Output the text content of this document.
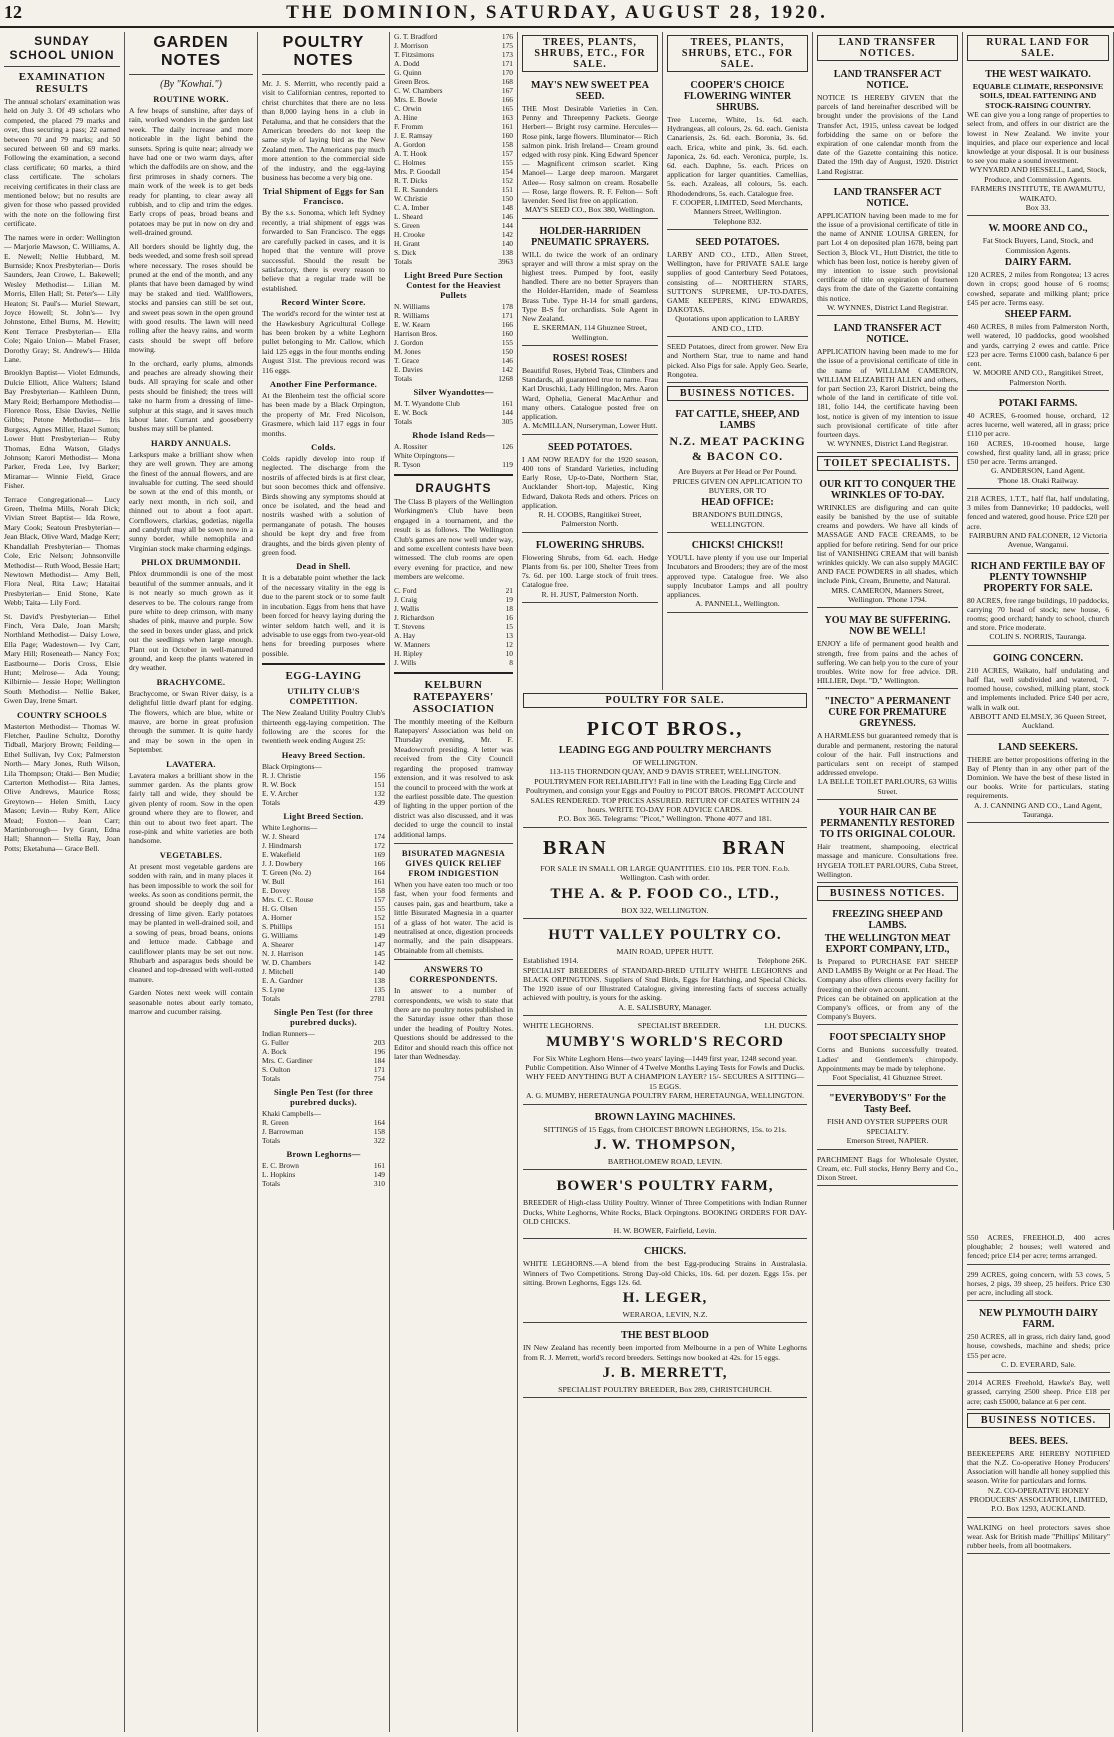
12	THE DOMINION, SATURDAY, AUGUST 28, 1920.
SUNDAY SCHOOL UNION
EXAMINATION RESULTS

The annual scholars' examination was held on July 3. Of 49 scholars who competed, the placed 79 marks and over, thus securing a pass; 22 earned between 70 and 79 marks; and 50 secured between 60 and 69 marks. Following the examination, a second class certificate; 60 marks, a third class certificate. The scholars receiving certificates in their class are mentioned below; but no results are given for those who passed provided with the note on the following first certificate.

The names were in order: Wellington— Marjorie Mawson, C. Williams, A. E. Newell; Nellie Hubbard, M. Burnside; Knox Presbyterian— Doris Saunders, Jean Crowe, L. Bakewell; Wesley Methodist— Lilian M. Morris, Ellen Hall; St. Peter's— Lily Heaton; St. Paul's— Muriel Stewart, Joyce Howell; St. John's— Ivy Johnstone, Ethel Burns, M. Hewitt; Kent Terrace Presbyterian— Ella Cole; Ngaio Union— Mabel Fraser, Dorothy Gray; St. Andrew's— Hilda Lane.

Brooklyn Baptist— Violet Edmunds, Dulcie Elliott, Alice Walters; Island Bay Presbyterian— Kathleen Dunn, Mary Reid; Berhampore Methodist— Florence Ross, Elsie Davies, Nellie Gibbs; Petone Methodist— Iris Burgess, Agnes Miller, Hazel Sutton; Lower Hutt Presbyterian— Ruby Thomas, Edna Watson, Gladys Johnson; Karori Methodist— Mona Parker, Freda Lee, Ivy Barker; Miramar— Winnie Field, Grace Fisher.

Terrace Congregational— Lucy Green, Thelma Mills, Norah Dick; Vivian Street Baptist— Ida Rowe, Mary Cook; Seatoun Presbyterian— Jean Black, Olive Ward, Madge Kerr; Khandallah Presbyterian— Thomas Cole, Eric Nelson; Johnsonville Methodist— Ruth Wood, Bessie Hart; Newtown Methodist— Amy Bell, Flora Neal, Rita Law; Hataitai Presbyterian— Enid Stone, Kate Webb; Taita— Lily Ford.

St. David's Presbyterian— Ethel Finch, Vera Dale, Joan Marsh; Northland Methodist— Daisy Lowe, Ella Page; Wadestown— Ivy Carr, Mary Hill; Roseneath— Nancy Fox; Eastbourne— Doris Cross, Elsie Hunt; Melrose— Ada Young; Kilbirnie— Jessie Hope; Wellington South Methodist— Nellie Baker, Gwen Day, Irene Smart.

COUNTRY SCHOOLS

Masterton Methodist— Thomas W. Fletcher, Pauline Schultz, Dorothy Tidball, Marjory Brown; Feilding— Ethel Sullivan, Ivy Cox; Palmerston North— Mary Jones, Ruth Wilson, Lila Thompson; Otaki— Ben Mudie; Carterton Methodist— Rita James, Olive Andrews, Maurice Ross; Greytown— Helen Smith, Lucy Mason; Levin— Ruby Kerr, Alice Mead; Foxton— Jean Carr; Martinborough— Ivy Grant, Edna Hall; Shannon— Stella Ray, Joan Potts; Eketahuna— Grace Bell.

GARDEN NOTES
(By "Kowhai.")
ROUTINE WORK.

A few heaps of sunshine, after days of rain, worked wonders in the garden last week. The daily increase and more noticeable in the light behind the sunsets. Spring is quite near; already we have had one or two warm days, after which the daffodils are on show, and the first primroses in shady corners. The main work of the week is to get beds ready for planting, to clear away all rubbish, and to clip and trim the edges. Early crops of peas, broad beans and potatoes may be put in now on dry and well-drained ground.

All borders should be lightly dug, the beds weeded, and some fresh soil spread where necessary. The roses should be pruned at the end of the month, and any plants that have been damaged by wind may be staked and tied. Wallflowers, stocks and pansies can still be set out, and sweet peas sown in the open ground with good results. The lawn will need rolling after the heavy rains, and worm casts should be swept off before mowing.

In the orchard, early plums, almonds and peaches are already showing their buds. All spraying for scale and other pests should be finished; the trees will take no harm from a dressing of lime-sulphur at this stage, and it saves much labour later. Currant and gooseberry bushes may still be planted.

HARDY ANNUALS.

Larkspurs make a brilliant show when they are well grown. They are among the finest of the annual flowers, and are invaluable for cutting. The seed should be sown at the end of this month, or early next month, in rich soil, and thinned out to about a foot apart. Cornflowers, clarkias, godetias, nigella and candytuft may all be sown now in a sunny border, while nemophila and Virginian stock make charming edgings.

PHLOX DRUMMONDII.

Phlox drummondii is one of the most beautiful of the summer annuals, and it is not nearly so much grown as it deserves to be. The colours range from pure white to deep crimson, with many shades of pink, mauve and purple. Sow the seed in boxes under glass, and prick out the seedlings when large enough. Plant out in October in well-manured ground, and keep the plants watered in dry weather.

BRACHYCOME.

Brachycome, or Swan River daisy, is a delightful little dwarf plant for edging. The flowers, which are blue, white or mauve, are borne in great profusion through the summer. It is quite hardy and may be sown in the open in September.

LAVATERA.

Lavatera makes a brilliant show in the summer garden. As the plants grow fairly tall and wide, they should be given plenty of room. Sow in the open ground where they are to flower, and thin out to about two feet apart. The rose-pink and white varieties are both handsome.

VEGETABLES.

At present most vegetable gardens are sodden with rain, and in many places it has been impossible to work the soil for weeks. As soon as conditions permit, the ground should be deeply dug and a dressing of lime given. Early potatoes may be planted in well-drained soil, and a sowing of peas, broad beans, onions and lettuce made. Cabbage and cauliflower plants may be set out now. Rhubarb and asparagus beds should be cleaned and top-dressed with well-rotted manure.

Garden Notes next week will contain seasonable notes about early tomato, marrow and cucumber raising.

POULTRY NOTES

Mr. J. S. Merritt, who recently paid a visit to Californian centres, reported to christ churchites that there are no less than 8,000 laying hens in a club in Petaluma, and that he considers that the American breeders do not keep the same style of laying bird as the New Zealand men. The Americans pay much more attention to the commercial side of the industry, and the egg-laying business has become a very big one.

Trial Shipment of Eggs for San Francisco.

By the s.s. Sonoma, which left Sydney recently, a trial shipment of eggs was forwarded to San Francisco. The eggs are carefully packed in cases, and it is hoped that the venture will prove successful. Should the result be satisfactory, there is every reason to believe that a regular trade will be established.

Record Winter Score.

The world's record for the winter test at the Hawkesbury Agricultural College has been broken by a white Leghorn pullet belonging to Mr. Callow, which laid 125 eggs in the four months ending August 31st. The previous record was 116 eggs.

Another Fine Performance.

At the Blenheim test the official score has been made by a Black Orpington, the property of Mr. Fred Nicolson, Grasmere, which laid 117 eggs in four months.

Colds.

Colds rapidly develop into roup if neglected. The discharge from the nostrils of affected birds is at first clear, but soon becomes thick and offensive. Birds showing any symptoms should at once be isolated, and the head and nostrils washed with a solution of permanganate of potash. The houses should be kept dry and free from draughts, and the birds given plenty of green food.

Dead in Shell.

It is a debatable point whether the lack of the necessary vitality in the egg is due to the parent stock or to some fault in incubation. Eggs from hens that have been forced for heavy laying during the winter seldom hatch well, and it is advisable to use eggs from two-year-old hens for breeding purposes where possible.

EGG-LAYING
UTILITY CLUB'S COMPETITION.

The New Zealand Utility Poultry Club's thirteenth egg-laying competition. The following are the scores for the twentieth week ending August 25:

Heavy Breed Section.
Black Orpingtons—
R. J. Christie	156
R. W. Bock	151
E. V. Archer	132
Totals	439
Light Breed Section.
White Leghorns—
W. J. Sheard	174
J. Hindmarsh	172
E. Wakefield	169
J. J. Dowbery	166
T. Green (No. 2)	164
W. Bull	161
E. Dovey	158
Mrs. C. C. Rouse	157
H. G. Olsen	155
A. Horner	152
S. Phillips	151
G. Williams	149
A. Shearer	147
N. J. Harrison	145
W. D. Chambers	142
J. Mitchell	140
E. A. Gardner	138
S. Lyne	135
Totals	2781
Single Pen Test (for three purebred ducks).
Indian Runners—
G. Fuller	203
A. Bock	196
Mrs. C. Gardiner	184
S. Oulton	171
Totals	754
Single Pen Test (for three purebred ducks).
Khaki Campbells—
R. Green	164
J. Barrowman	158
Totals	322
Brown Leghorns—
E. C. Brown	161
L. Hopkins	149
Totals	310
G. T. Bradford	176
J. Morrison	175
T. Fitzsimons	173
A. Dodd	171
G. Quinn	170
Green Bros.	168
C. W. Chambers	167
Mrs. E. Bowie	166
C. Orwin	165
A. Hine	163
F. Fromm	161
J. E. Ramsay	160
A. Gordon	158
A. T. Hook	157
C. Holmes	155
Mrs. P. Goodall	154
R. T. Dicks	152
E. R. Saunders	151
W. Christie	150
C. A. Imber	148
L. Sheard	146
S. Green	144
H. Crooke	142
H. Grant	140
S. Dick	138
Totals	3963
Light Breed Pure Section Contest for the Heaviest Pullets
N. Williams	178
R. Williams	171
E. W. Kearn	166
Harrison Bros.	160
J. Gordon	155
M. Jones	150
T. Grace	146
E. Davies	142
Totals	1268
Silver Wyandottes—
M. T. Wyandotte Club	161
E. W. Bock	144
Totals	305
Rhode Island Reds—
A. Rossiter	126
White Orpingtons—
R. Tyson	119
DRAUGHTS

The Class B players of the Wellington Workingmen's Club have been engaged in a tournament, and the result is as follows. The Wellington Club's games are now well under way, and some excellent contests have been witnessed. The club rooms are open every evening for practice, and new members are welcome.

C. Ford	21
J. Craig	19
J. Wallis	18
J. Richardson	16
T. Stevens	15
A. Hay	13
W. Manners	12
H. Ripley	10
J. Wills	8
KELBURN RATEPAYERS' ASSOCIATION

The monthly meeting of the Kelburn Ratepayers' Association was held on Thursday evening, Mr. F. Meadowcroft presiding. A letter was received from the City Council regarding the proposed tramway extension, and it was resolved to ask the council to proceed with the work at the earliest possible date. The question of lighting in the upper portion of the district was also discussed, and it was decided to urge the council to instal additional lamps.

BISURATED MAGNESIA GIVES QUICK RELIEF FROM INDIGESTION

When you have eaten too much or too fast, when your food ferments and causes pain, gas and heartburn, take a little Bisurated Magnesia in a quarter of a glass of hot water. The acid is neutralised at once, digestion proceeds normally, and the pain disappears. Obtainable from all chemists.

ANSWERS TO CORRESPONDENTS.

In answer to a number of correspondents, we wish to state that there are no poultry notes published in the Saturday issue other than those under the heading of Poultry Notes. Questions should be addressed to the Editor and should reach this office not later than Wednesday.

TREES, PLANTS, SHRUBS, ETC., FOR SALE.
MAY'S NEW SWEET PEA SEED.
THE Most Desirable Varieties in Cen. Penny and Threepenny Packets. George Herbert— Bright rosy carmine. Hercules— Rose pink, large flowers. Illuminator— Rich salmon pink. Irish Ireland— Cream ground edged with rosy pink. King Edward Spencer— Magnificent crimson scarlet. King Manoel— Large deep maroon. Margaret Atlee— Rosy salmon on cream. Rosabelle— Rose, large flowers. R. F. Felton— Soft lavender. Seed list free on application.
MAY'S SEED CO., Box 380, Wellington.
HOLDER-HARRIDEN PNEUMATIC SPRAYERS.
WILL do twice the work of an ordinary sprayer and will throw a mist spray on the highest trees. Pumped by foot, easily handled. There are no better Sprayers than the Holder-Harriden, made of Seamless Brass Tube. Type H-14 for small gardens, Type B-S for orchardists. Sole Agent in New Zealand.
E. SKERMAN, 114 Ghuznee Street, Wellington.
ROSES! ROSES!
Beautiful Roses, Hybrid Teas, Climbers and Standards, all guaranteed true to name. Frau Karl Druschki, Lady Hillingdon, Mrs. Aaron Ward, Ophelia, General MacArthur and many others. Catalogue posted free on application.
A. McMILLAN, Nurseryman, Lower Hutt.
SEED POTATOES.
I AM NOW READY for the 1920 season, 400 tons of Standard Varieties, including Early Rose, Up-to-Date, Northern Star, Aucklander Short-top, Majestic, King Edward, Dakota Reds and others. Prices on application.
R. H. COOBS, Rangitikei Street, Palmerston North.
FLOWERING SHRUBS.
Flowering Shrubs, from 6d. each. Hedge Plants from 6s. per 100, Shelter Trees from 7s. 6d. per 100. Large stock of fruit trees. Catalogue free.
R. H. JUST, Palmerston North.
TREES, PLANTS, SHRUBS, ETC., FOR SALE.
COOPER'S CHOICE FLOWERING WINTER SHRUBS.
Tree Lucerne, White, 1s. 6d. each. Hydrangeas, all colours, 2s. 6d. each. Genista Canariensis, 2s. 6d. each. Boronia, 3s. 6d. each. Erica, white and pink, 3s. 6d. each. Japonica, 2s. 6d. each. Veronica, purple, 1s. 6d. each. Daphne, 5s. each. Prices on application for larger quantities. Camellias, 5s. each. Azaleas, all colours, 5s. each. Rhododendrons, 5s. each. Catalogue free.
F. COOPER, LIMITED, Seed Merchants, Manners Street, Wellington.
Telephone 832.
SEED POTATOES.
LARBY AND CO., LTD., Allen Street, Wellington, have for PRIVATE SALE large supplies of good Canterbury Seed Potatoes, consisting of— NORTHERN STARS, SUTTON'S SUPREME, UP-TO-DATES, GAME KEEPERS, KING EDWARDS, DAKOTAS.
Quotations upon application to LARBY AND CO., LTD.
SEED Potatoes, direct from grower. New Era and Northern Star, true to name and hand picked. Also Pigs for sale. Apply Geo. Searle, Rongotea.
BUSINESS NOTICES.
FAT CATTLE, SHEEP, AND LAMBS
N.Z. MEAT PACKING & BACON CO.
Are Buyers at Per Head or Per Pound.
PRICES GIVEN ON APPLICATION TO BUYERS, OR TO
HEAD OFFICE:
BRANDON'S BUILDINGS, WELLINGTON.
CHICKS! CHICKS!!
YOU'LL have plenty if you use our Imperial Incubators and Brooders; they are of the most approved type. Catalogue free. We also supply Incubator Lamps and all poultry appliances.
A. PANNELL, Wellington.
LAND TRANSFER NOTICES.
LAND TRANSFER ACT NOTICE.
NOTICE IS HEREBY GIVEN that the parcels of land hereinafter described will be brought under the provisions of the Land Transfer Act, 1915, unless caveat be lodged forbidding the same on or before the expiration of one calendar month from the date of the Gazette containing this notice. Dated the 19th day of August, 1920. District Land Registrar.
LAND TRANSFER ACT NOTICE.
APPLICATION having been made to me for the issue of a provisional certificate of title in the name of ANNIE LOUISA GREEN, for part Lot 4 on deposited plan 1678, being part Section 3, Block VI., Hutt District, the title to which has been lost, notice is hereby given of my intention to issue such provisional certificate of title on expiration of fourteen days from the date of the Gazette containing this notice.
W. WYNNES, District Land Registrar.
LAND TRANSFER ACT NOTICE.
APPLICATION having been made to me for the issue of a provisional certificate of title in the name of WILLIAM CAMERON, WILLIAM ELIZABETH ALLEN and others, for part Section 23, Karori District, being the whole of the land in certificate of title vol. 181, folio 144, the certificate having been lost, notice is given of my intention to issue such provisional certificate of title after fourteen days.
W. WYNNES, District Land Registrar.
TOILET SPECIALISTS.
OUR KIT TO CONQUER THE WRINKLES OF TO-DAY.
WRINKLES are disfiguring and can quite easily be banished by the use of suitable creams and powders. We have all kinds of MASSAGE AND FACE CREAMS, to be applied for before retiring. Send for our price list of VANISHING CREAM that will banish wrinkles quickly. We can also supply MAGIC AND FACE POWDERS in all shades, which include Pink, Cream, Brunette, and Natural.
MRS. CAMERON, Manners Street, Wellington. 'Phone 1794.
YOU MAY BE SUFFERING. NOW BE WELL!
ENJOY a life of permanent good health and strength, free from pains and the aches of suffering. We can help you to the cure of your troubles. Write now for free advice. DR. HILLIER, Dept. "D," Wellington.
"INECTO" A PERMANENT CURE FOR PREMATURE GREYNESS.
A HARMLESS but guaranteed remedy that is durable and permanent, restoring the natural colour of the hair. Full instructions and particulars sent on receipt of stamped addressed envelope.
LA BELLE TOILET PARLOURS, 63 Willis Street.
YOUR HAIR CAN BE PERMANENTLY RESTORED TO ITS ORIGINAL COLOUR.
Hair treatment, shampooing, electrical massage and manicure. Consultations free. HYGEIA TOILET PARLOURS, Cuba Street, Wellington.
BUSINESS NOTICES.
FREEZING SHEEP AND LAMBS.
THE WELLINGTON MEAT EXPORT COMPANY, LTD.,
Is Prepared to PURCHASE FAT SHEEP AND LAMBS By Weight or at Per Head. The Company also offers clients every facility for freezing on their own account.
Prices can be obtained on application at the Company's offices, or from any of the Company's Buyers.
FOOT SPECIALTY SHOP
Corns and Bunions successfully treated. Ladies' and Gentlemen's chiropody. Appointments may be made by telephone.
Foot Specialist, 41 Ghuznee Street.
"EVERYBODY'S" For the Tasty Beef.
FISH AND OYSTER SUPPERS OUR SPECIALTY.
Emerson Street, NAPIER.
PARCHMENT Bags for Wholesale Oyster, Cream, etc. Full stocks, Henry Berry and Co., Dixon Street.
RURAL LAND FOR SALE.
THE WEST WAIKATO.
EQUABLE CLIMATE, RESPONSIVE SOILS, IDEAL FATTENING AND STOCK-RAISING COUNTRY.
WE can give you a long range of properties to select from, and offers in our district are the lowest in New Zealand. We invite your inquiries, and place our experience and local knowledge at your disposal. It is our business to see you make a sound investment.
WYNYARD AND HESSELL, Land, Stock, Produce, and Commission Agents.
FARMERS INSTITUTE, TE AWAMUTU, WAIKATO.
Box 33.
W. MOORE AND CO.,
Fat Stock Buyers, Land, Stock, and Commission Agents.
DAIRY FARM.
120 ACRES, 2 miles from Rongotea; 13 acres down in crops; good house of 6 rooms; cowshed, separate and milking plant; price £45 per acre. Terms easy.
SHEEP FARM.
460 ACRES, 8 miles from Palmerston North, well watered, 10 paddocks, good woolshed and yards, carrying 2 ewes and cattle. Price £23 per acre. Terms £1000 cash, balance 6 per cent.
W. MOORE AND CO., Rangitikei Street, Palmerston North.
POTAKI FARMS.
40 ACRES, 6-roomed house, orchard, 12 acres lucerne, well watered, all in grass; price £110 per acre.
160 ACRES, 10-roomed house, large cowshed, first quality land, all in grass; price £50 per acre. Terms arranged.
G. ANDERSON, Land Agent.
'Phone 18. Otaki Railway.
218 ACRES, 1.T.T., half flat, half undulating, 3 miles from Dannevirke; 10 paddocks, well fenced and watered, good house. Price £20 per acre.
FAIRBURN AND FALCONER, 12 Victoria Avenue, Wanganui.
RICH AND FERTILE BAY OF PLENTY TOWNSHIP PROPERTY FOR SALE.
80 ACRES, free range buildings, 10 paddocks, carrying 70 head of stock; new house, 6 rooms; good orchard; handy to school, church and store. Price moderate.
COLIN S. NORRIS, Tauranga.
GOING CONCERN.
210 ACRES, Waikato, half undulating and half flat, well subdivided and watered, 7-roomed house, cowshed, milking plant, stock and implements included. Price £40 per acre, walk in walk out.
ABBOTT AND ELMSLY, 36 Queen Street, Auckland.
LAND SEEKERS.
THERE are better propositions offering in the Bay of Plenty than in any other part of the Dominion. We have the best of these listed in our books. Write for particulars, stating requirements.
A. J. CANNING AND CO., Land Agent, Tauranga.
POULTRY FOR SALE.
PICOT BROS.,
LEADING EGG AND POULTRY MERCHANTS
OF WELLINGTON.
113-115 THORNDON QUAY, AND 9 DAVIS STREET, WELLINGTON. POULTRYMEN FOR RELIABILITY! Fall in line with the Leading Egg Circle and Poultrymen, and consign your Eggs and Poultry to PICOT BROS. PROMPT ACCOUNT SALES RENDERED. TOP PRICES ASSURED. RETURN OF CRATES WITHIN 24 hours. WRITE TO-DAY FOR ADVICE CARDS.
P.O. Box 365. Telegrams: "Picot," Wellington. 'Phone 4077 and 181.
BRAN	BRAN
FOR SALE IN SMALL OR LARGE QUANTITIES. £10 10s. PER TON. F.o.b. Wellington. Cash with order.
THE A. & P. FOOD CO., LTD.,
BOX 322, WELLINGTON.
HUTT VALLEY POULTRY CO.
MAIN ROAD, UPPER HUTT.
Established 1914.	Telephone 26K.
SPECIALIST BREEDERS of STANDARD-BRED UTILITY WHITE LEGHORNS and BLACK ORPINGTONS. Suppliers of Stud Birds, Eggs for Hatching, and Special Chicks. The 1920 issue of our Illustrated Catalogue, giving interesting facts of success actually achieved with poultry, is yours for the asking.
A. E. SALISBURY, Manager.
WHITE LEGHORNS.	SPECIALIST BREEDER.	I.H. DUCKS.
MUMBY'S WORLD'S RECORD
For Six White Leghorn Hens—two years' laying—1449 first year, 1248 second year. Public Competition. Also Winner of 4 Twelve Months Laying Tests for Fowls and Ducks. WHY FEED ANYTHING BUT A CHAMPION LAYER? 15/- SECURES A SITTING—15 EGGS.
A. G. MUMBY, HERETAUNGA POULTRY FARM, HERETAUNGA, WELLINGTON.
BROWN LAYING MACHINES.
SITTINGS of 15 Eggs, from CHOICEST BROWN LEGHORNS, 15s. to 21s.
J. W. THOMPSON,
BARTHOLOMEW ROAD, LEVIN.
BOWER'S POULTRY FARM,
BREEDER of High-class Utility Poultry. Winner of Three Competitions with Indian Runner Ducks, White Leghorns, White Rocks, Black Orpingtons. BOOKING ORDERS FOR DAY-OLD CHICKS.
H. W. BOWER, Fairfield, Levin.
CHICKS.
WHITE LEGHORNS.—A blend from the best Egg-producing Strains in Australasia. Winners of Two Competitions. Strong Day-old Chicks, 10s. 6d. per dozen. Eggs 15s. per sitting. Brown Leghorns, Eggs 12s. 6d.
H. LEGER,
WERAROA, LEVIN, N.Z.
THE BEST BLOOD
IN New Zealand has recently been imported from Melbourne in a pen of White Leghorns from R. J. Merrett, world's record breeders. Settings now booked at 42s. for 15 eggs.
J. B. MERRETT,
SPECIALIST POULTRY BREEDER, Box 289, CHRISTCHURCH.
550 ACRES, FREEHOLD, 400 acres ploughable; 2 houses; well watered and fenced; price £14 per acre; terms arranged.
299 ACRES, going concern, with 53 cows, 5 horses, 2 pigs, 39 sheep, 25 heifers. Price £30 per acre, including all stock.
NEW PLYMOUTH DAIRY FARM.
250 ACRES, all in grass, rich dairy land, good house, cowsheds, machine and sheds; price £55 per acre.
C. D. EVERARD, Sale.
2014 ACRES Freehold, Hawke's Bay, well grassed, carrying 2500 sheep. Price £18 per acre; cash £5000, balance at 6 per cent.
BUSINESS NOTICES.
BEES. BEES.
BEEKEEPERS ARE HEREBY NOTIFIED that the N.Z. Co-operative Honey Producers' Association will handle all honey supplied this season. Write for particulars and forms.
N.Z. CO-OPERATIVE HONEY PRODUCERS' ASSOCIATION, LIMITED, P.O. Box 1293, AUCKLAND.
WALKING on heel protectors saves shoe wear. Ask for British made "Phillips' Military" rubber heels, from all bootmakers.
